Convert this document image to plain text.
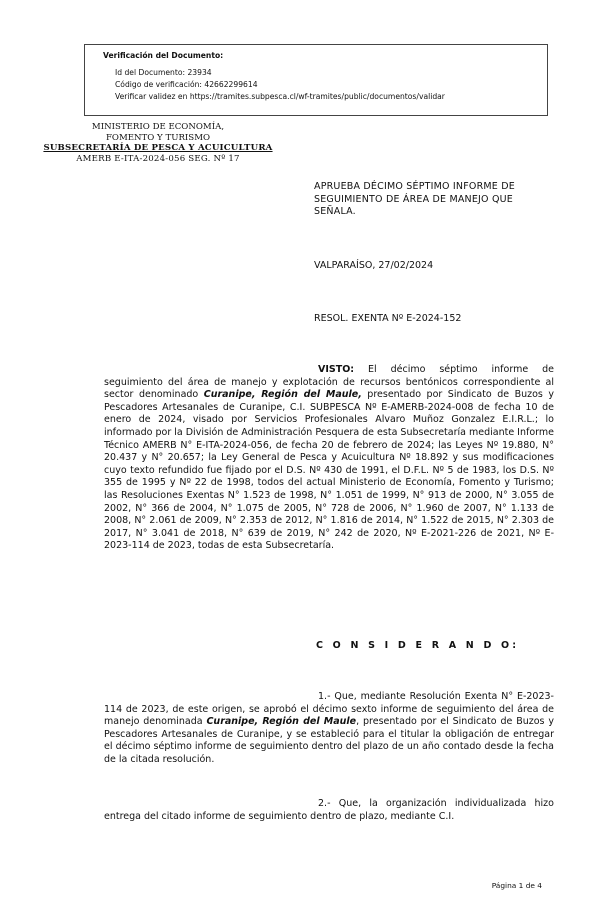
Verificación del Documento:
• Id del Documento: 23934
• Código de verificación: 42662299614
• Verificar validez en https://tramites.subpesca.cl/wf-tramites/public/documentos/validar
MINISTERIO DE ECONOMÍA,
FOMENTO Y TURISMO
SUBSECRETARÍA DE PESCA Y ACUICULTURA
AMERB E-ITA-2024-056 SEG. Nº 17
APRUEBA DÉCIMO SÉPTIMO INFORME DE SEGUIMIENTO DE ÁREA DE MANEJO QUE SEÑALA.
VALPARAÍSO, 27/02/2024
RESOL. EXENTA Nº E-2024-152
VISTO: El décimo séptimo informe de seguimiento del área de manejo y explotación de recursos bentónicos correspondiente al sector denominado Curanipe, Región del Maule, presentado por Sindicato de Buzos y Pescadores Artesanales de Curanipe, C.I. SUBPESCA Nº E-AMERB-2024-008 de fecha 10 de enero de 2024, visado por Servicios Profesionales Alvaro Muñoz Gonzalez E.I.R.L.; lo informado por la División de Administración Pesquera de esta Subsecretaría mediante Informe Técnico AMERB N° E-ITA-2024-056, de fecha 20 de febrero de 2024; las Leyes Nº 19.880, N° 20.437 y N° 20.657; la Ley General de Pesca y Acuicultura Nº 18.892 y sus modificaciones cuyo texto refundido fue fijado por el D.S. Nº 430 de 1991, el D.F.L. Nº 5 de 1983, los D.S. Nº 355 de 1995 y Nº 22 de 1998, todos del actual Ministerio de Economía, Fomento y Turismo; las Resoluciones Exentas N° 1.523 de 1998, N° 1.051 de 1999, N° 913 de 2000, N° 3.055 de 2002, N° 366 de 2004, N° 1.075 de 2005, N° 728 de 2006, N° 1.960 de 2007, N° 1.133 de 2008, N° 2.061 de 2009, N° 2.353 de 2012, N° 1.816 de 2014, N° 1.522 de 2015, N° 2.303 de 2017, N° 3.041 de 2018, N° 639 de 2019, N° 242 de 2020, Nº E-2021-226 de 2021, Nº E-2023-114 de 2023, todas de esta Subsecretaría.
C O N S I D E R A N D O:
1.- Que, mediante Resolución Exenta N° E-2023-114 de 2023, de este origen, se aprobó el décimo sexto informe de seguimiento del área de manejo denominada Curanipe, Región del Maule, presentado por el Sindicato de Buzos y Pescadores Artesanales de Curanipe, y se estableció para el titular la obligación de entregar el décimo séptimo informe de seguimiento dentro del plazo de un año contado desde la fecha de la citada resolución.
2.- Que, la organización individualizada hizo entrega del citado informe de seguimiento dentro de plazo, mediante C.I.
Página 1 de 4
